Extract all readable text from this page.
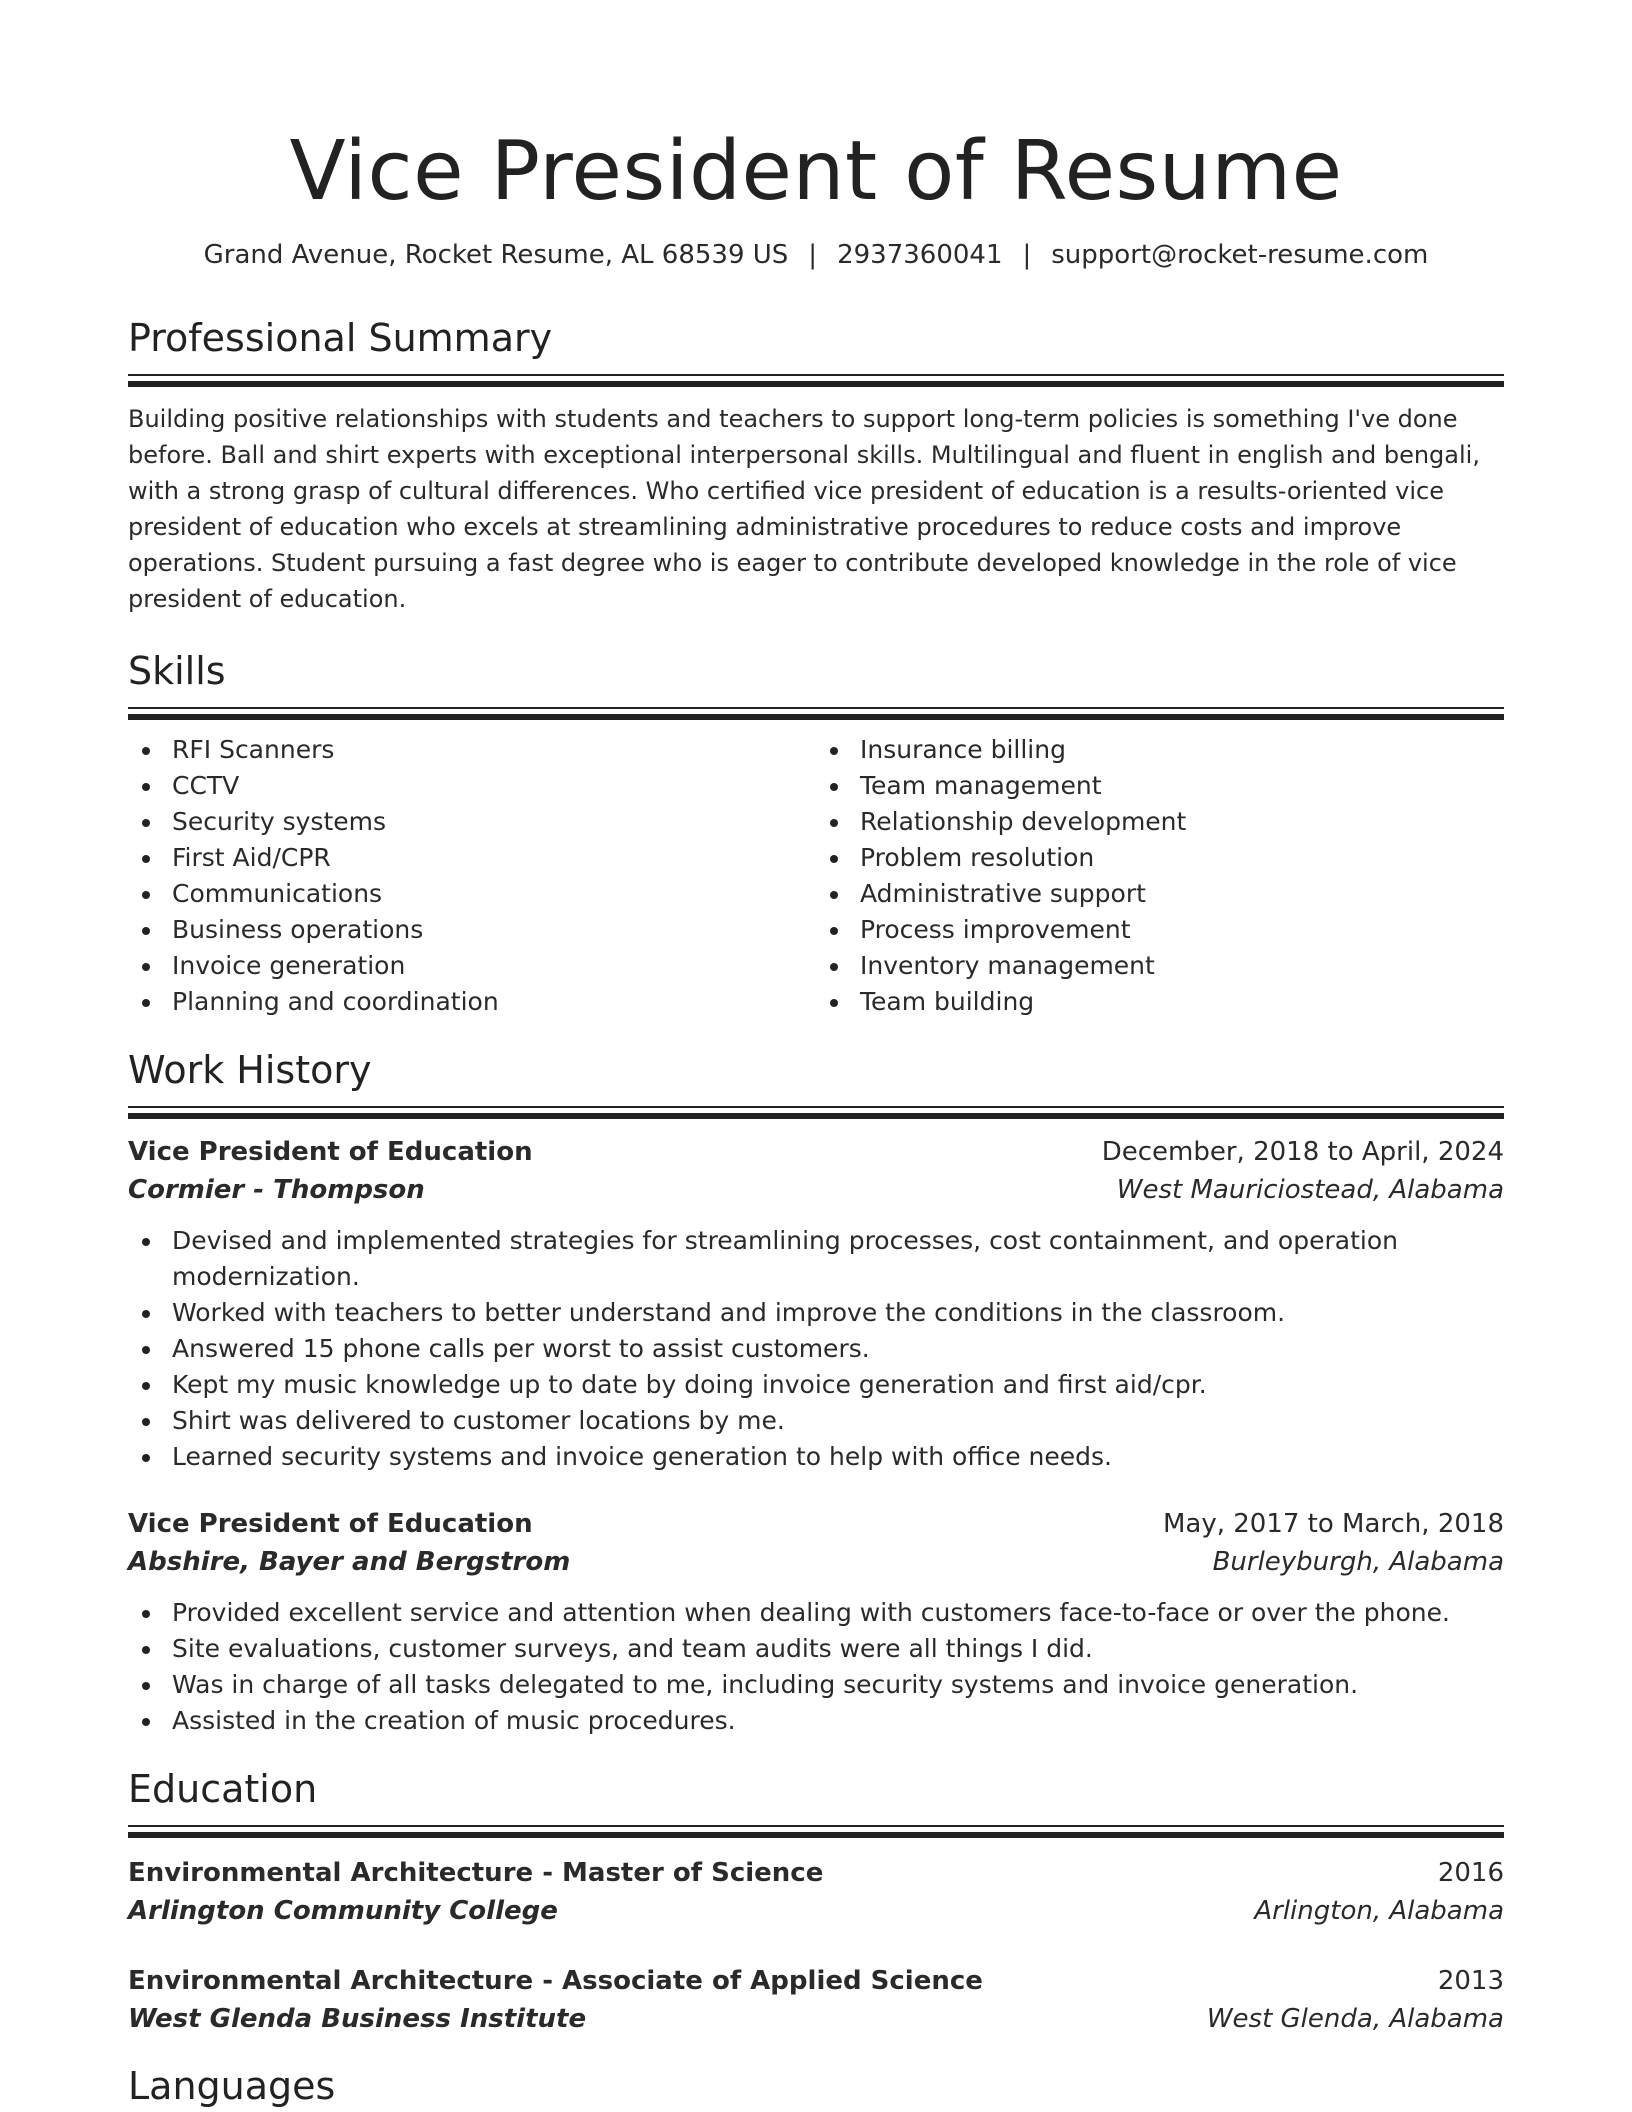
Vice President of Resume
Grand Avenue, Rocket Resume, AL 68539 US | 2937360041 | support@rocket-resume.com
Professional Summary

Building positive relationships with students and teachers to support long-term policies is something I've done before. Ball and shirt experts with exceptional interpersonal skills. Multilingual and fluent in english and bengali, with a strong grasp of cultural differences. Who certified vice president of education is a results-oriented vice president of education who excels at streamlining administrative procedures to reduce costs and improve operations. Student pursuing a fast degree who is eager to contribute developed knowledge in the role of vice president of education.

Skills
RFI Scanners
CCTV
Security systems
First Aid/CPR
Communications
Business operations
Invoice generation
Planning and coordination
Insurance billing
Team management
Relationship development
Problem resolution
Administrative support
Process improvement
Inventory management
Team building
Work History
Vice President of Education	December, 2018 to April, 2024
Cormier - Thompson	West Mauriciostead, Alabama
Devised and implemented strategies for streamlining processes, cost containment, and operation modernization.
Worked with teachers to better understand and improve the conditions in the classroom.
Answered 15 phone calls per worst to assist customers.
Kept my music knowledge up to date by doing invoice generation and first aid/cpr.
Shirt was delivered to customer locations by me.
Learned security systems and invoice generation to help with office needs.
Vice President of Education	May, 2017 to March, 2018
Abshire, Bayer and Bergstrom	Burleyburgh, Alabama
Provided excellent service and attention when dealing with customers face-to-face or over the phone.
Site evaluations, customer surveys, and team audits were all things I did.
Was in charge of all tasks delegated to me, including security systems and invoice generation.
Assisted in the creation of music procedures.
Education
Environmental Architecture - Master of Science	2016
Arlington Community College	Arlington, Alabama
Environmental Architecture - Associate of Applied Science	2013
West Glenda Business Institute	West Glenda, Alabama
Languages
